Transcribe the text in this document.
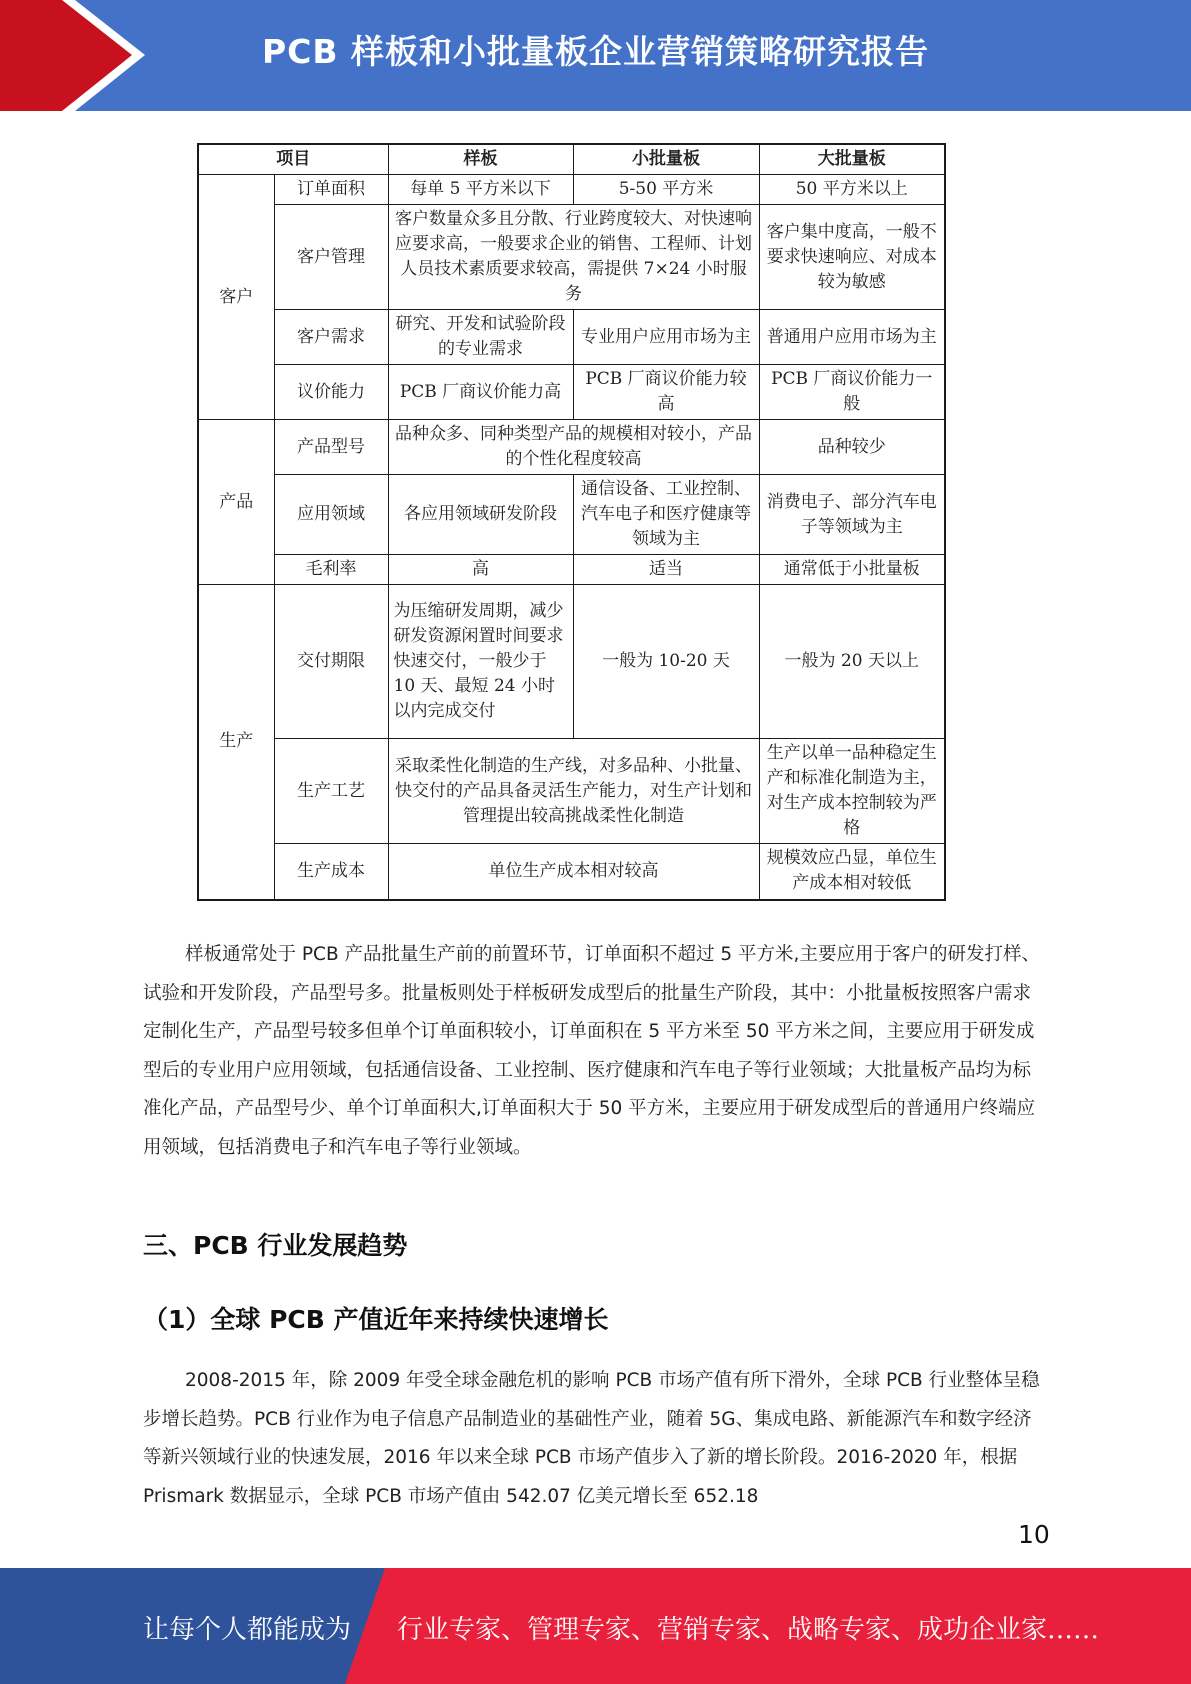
PCB 样板和小批量板企业营销策略研究报告
项目		样板	小批量板	大批量板
客户	订单面积	每单 5 平方米以下	5-50 平方米	50 平方米以上
	客户管理	客户数量众多且分散、行业跨度较大、对快速响应要求高，一般要求企业的销售、工程师、计划人员技术素质要求较高，需提供 7×24 小时服务		客户集中度高，一般不要求快速响应、对成本较为敏感
	客户需求	研究、开发和试验阶段的专业需求	专业用户应用市场为主	普通用户应用市场为主
	议价能力	PCB 厂商议价能力高	PCB 厂商议价能力较高	PCB 厂商议价能力一般
产品	产品型号	品种众多、同种类型产品的规模相对较小，产品的个性化程度较高		品种较少
	应用领域	各应用领域研发阶段	通信设备、工业控制、汽车电子和医疗健康等领域为主	消费电子、部分汽车电子等领域为主
	毛利率	高	适当	通常低于小批量板
生产	交付期限	为压缩研发周期，减少研发资源闲置时间要求快速交付，一般少于 10 天、最短 24 小时以内完成交付	一般为 10-20 天	一般为 20 天以上
	生产工艺	采取柔性化制造的生产线，对多品种、小批量、快交付的产品具备灵活生产能力，对生产计划和管理提出较高挑战柔性化制造		生产以单一品种稳定生产和标准化制造为主，对生产成本控制较为严格
	生产成本	单位生产成本相对较高		规模效应凸显，单位生产成本相对较低

样板通常处于 PCB 产品批量生产前的前置环节，订单面积不超过 5 平方米,主要应用于客户的研发打样、试验和开发阶段，产品型号多。批量板则处于样板研发成型后的批量生产阶段，其中：小批量板按照客户需求定制化生产，产品型号较多但单个订单面积较小，订单面积在 5 平方米至 50 平方米之间，主要应用于研发成型后的专业用户应用领域，包括通信设备、工业控制、医疗健康和汽车电子等行业领域；大批量板产品均为标准化产品，产品型号少、单个订单面积大,订单面积大于 50 平方米，主要应用于研发成型后的普通用户终端应用领域，包括消费电子和汽车电子等行业领域。

三、PCB 行业发展趋势
（1）全球 PCB 产值近年来持续快速增长

2008-2015 年，除 2009 年受全球金融危机的影响 PCB 市场产值有所下滑外，全球 PCB 行业整体呈稳步增长趋势。PCB 行业作为电子信息产品制造业的基础性产业，随着 5G、集成电路、新能源汽车和数字经济等新兴领域行业的快速发展，2016 年以来全球 PCB 市场产值步入了新的增长阶段。2016-2020 年，根据 Prismark 数据显示，全球 PCB 市场产值由 542.07 亿美元增长至 652.18

10
让每个人都能成为 行业专家、管理专家、营销专家、战略专家、成功企业家……
